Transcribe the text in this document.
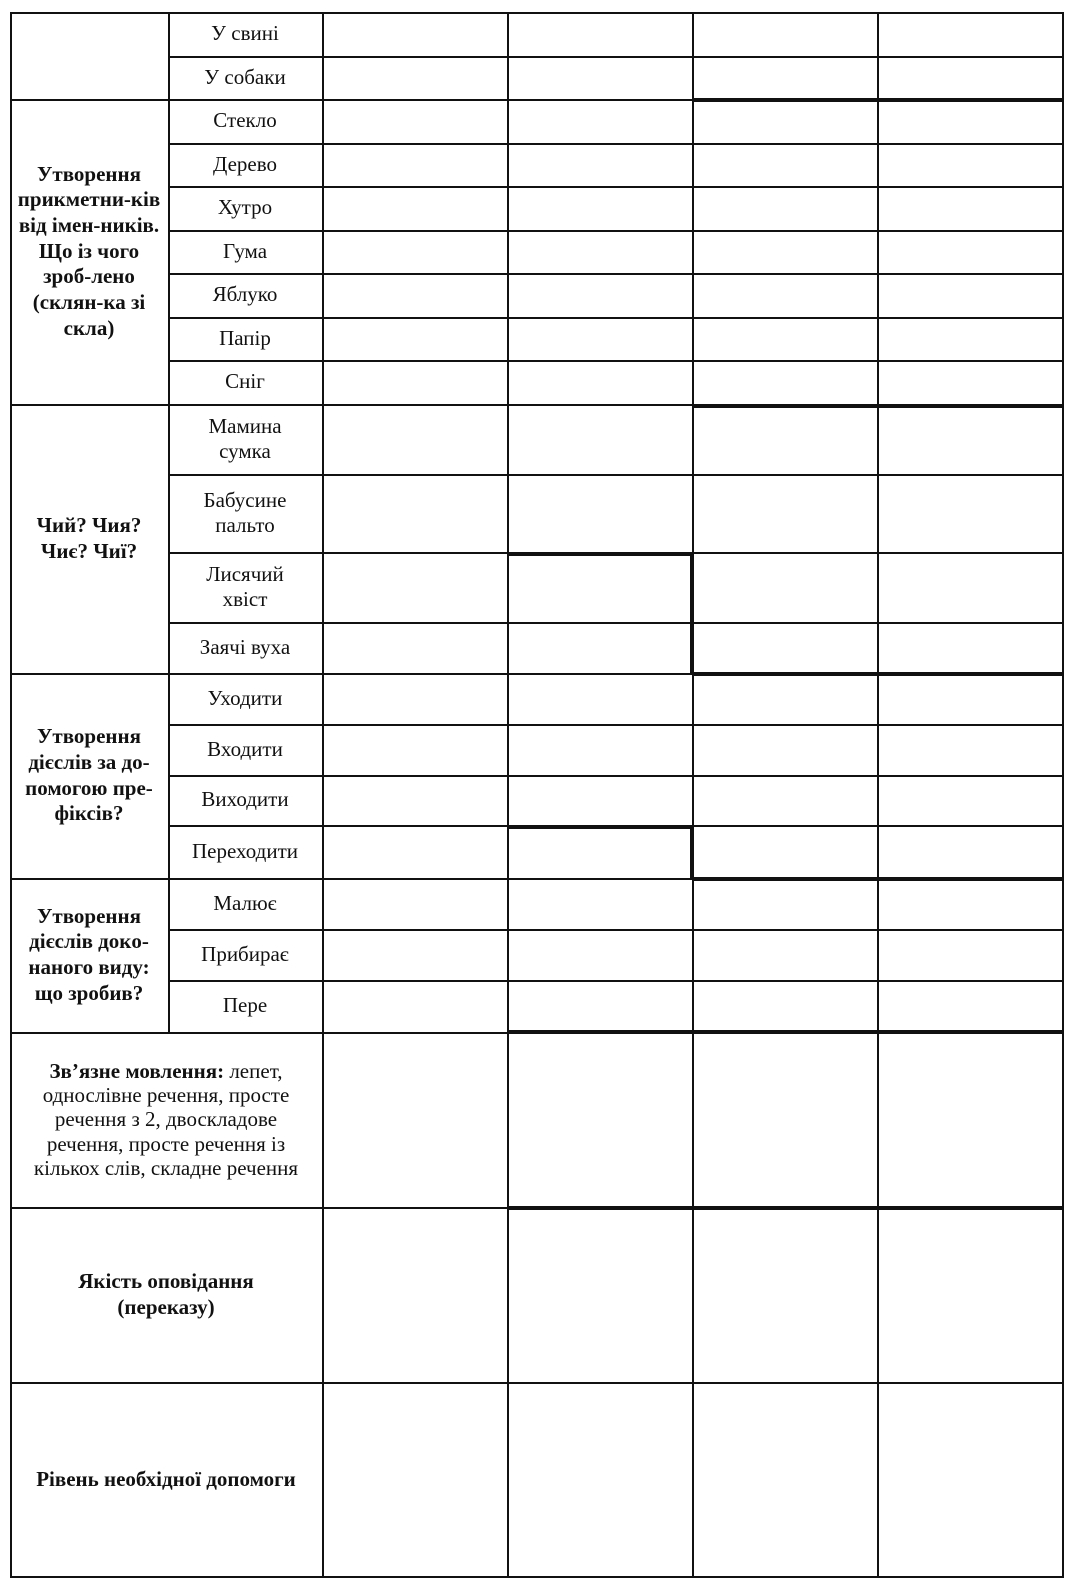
Утворення прикметни-ків від імен-ників. Що із чого зроб-лено (склян-ка зі скла)
Чий? Чия? Чиє? Чиї?
Утворення дієслів за до-помогою пре-фіксів?
Утворення дієслів докo-наного виду: що зробив?
Зв’язне мовлення: лепет, однослівне речення, просте речення з 2, двоскладове речення, просте речення із кількох слів, складне речення
Якість оповідання (переказу)
Рівень необхідної допомоги
У свині
У собаки
Стекло
Дерево
Хутро
Гума
Яблуко
Папір
Сніг
Мамина
сумка
Бабусине
пальто
Лисячий
хвіст
Заячі вуха
Уходити
Входити
Виходити
Переходити
Малює
Прибирає
Пере
